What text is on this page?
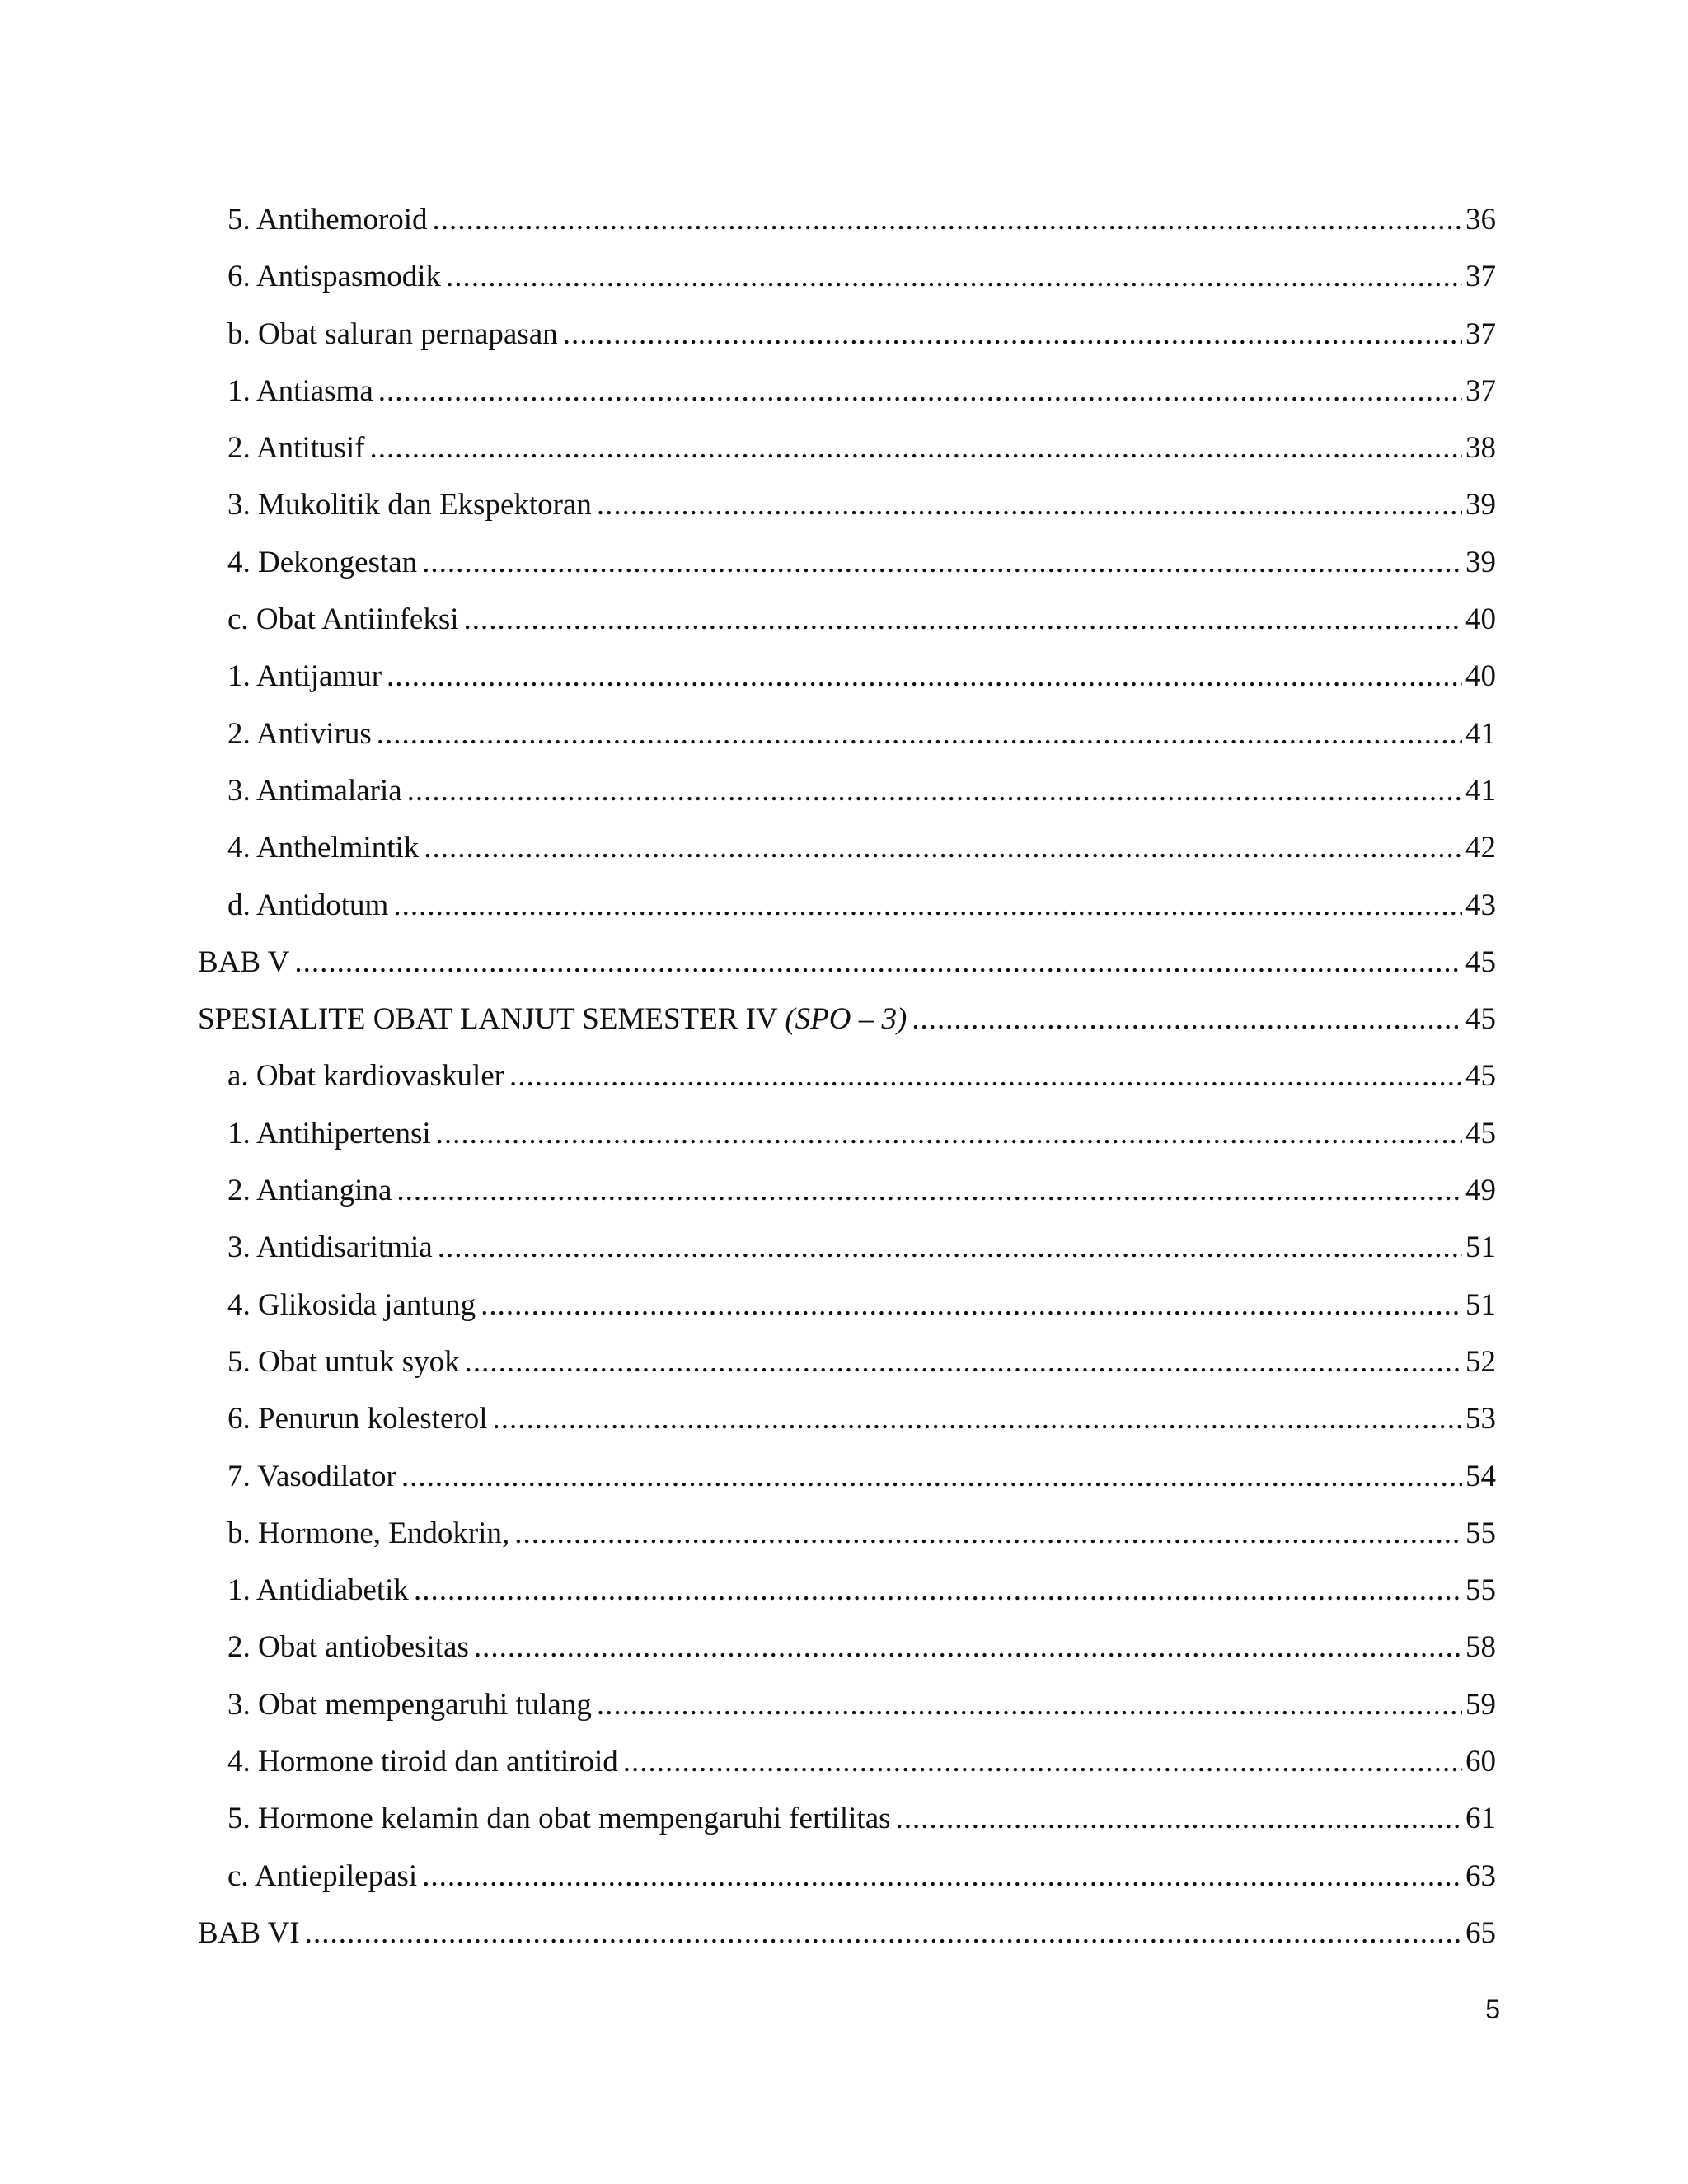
5. Antihemoroid .....	36
6. Antispasmodik .....	37
b. Obat saluran pernapasan .....	37
1. Antiasma .....	37
2. Antitusif .....	38
3. Mukolitik dan Ekspektoran .....	39
4. Dekongestan .....	39
c. Obat Antiinfeksi .....	40
1. Antijamur .....	40
2. Antivirus .....	41
3. Antimalaria .....	41
4. Anthelmintik .....	42
d. Antidotum .....	43
BAB V .....	45
SPESIALITE OBAT LANJUT SEMESTER IV (SPO – 3) .....	45
a. Obat kardiovaskuler .....	45
1. Antihipertensi .....	45
2. Antiangina .....	49
3. Antidisaritmia .....	51
4. Glikosida jantung .....	51
5. Obat untuk syok .....	52
6. Penurun kolesterol .....	53
7. Vasodilator .....	54
b. Hormone, Endokrin, .....	55
1. Antidiabetik .....	55
2. Obat antiobesitas .....	58
3. Obat mempengaruhi tulang .....	59
4. Hormone tiroid dan antitiroid .....	60
5. Hormone kelamin dan obat mempengaruhi fertilitas .....	61
c. Antiepilepasi .....	63
BAB VI .....	65
5
